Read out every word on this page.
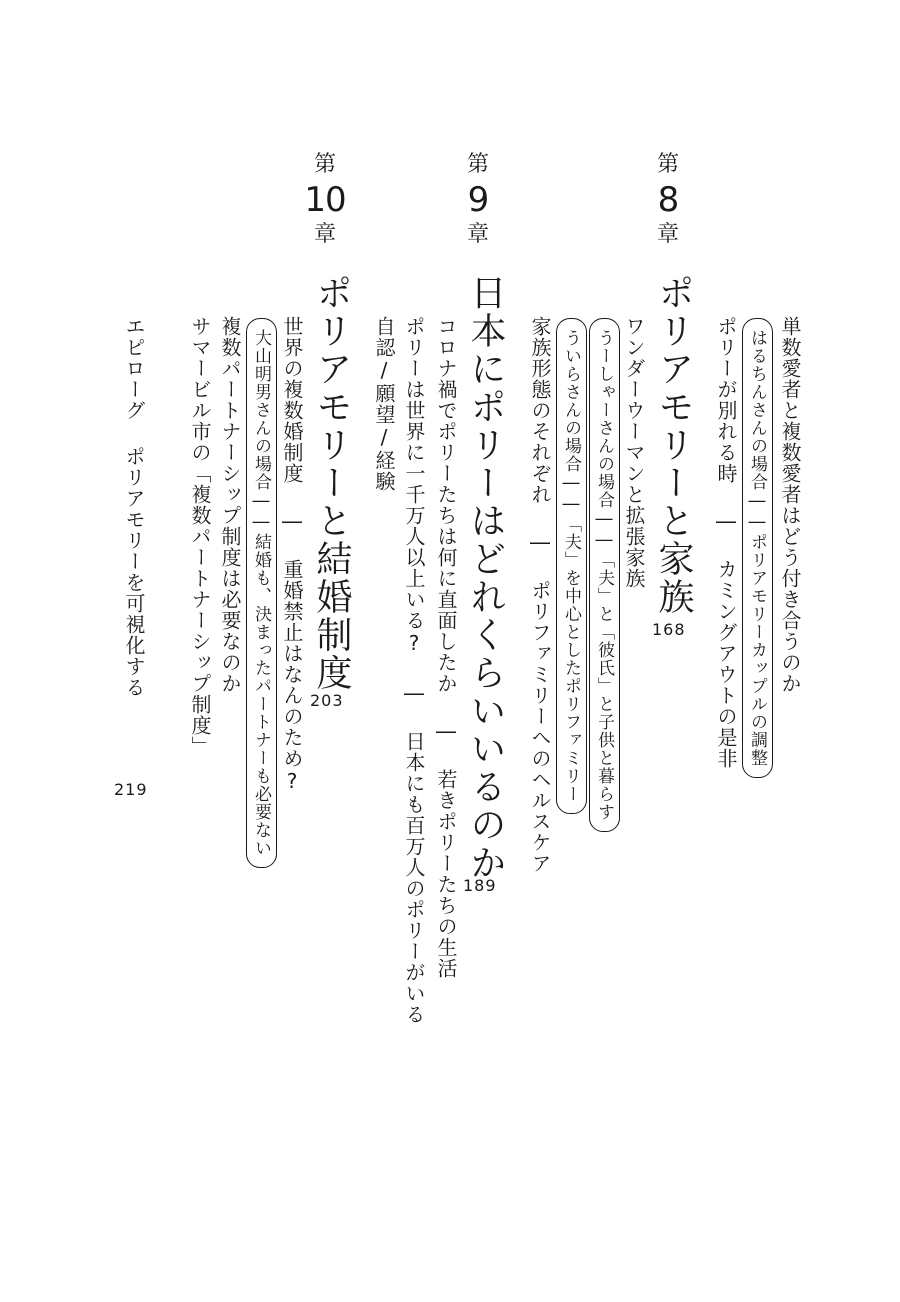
第
8
章
ポリアモリーと家族
168	単数愛者と複数愛者はどう付き合うのか
はるちんさんの場合――ポリアモリーカップルの調整
ポリーが別れる時 ― カミングアウトの是非
うーしゃーさんの場合――「夫」と「彼氏」と子供と暮らす ワンダーウーマンと拡張家族
ういらさんの場合――「夫」を中心としたポリファミリー
家族形態のそれぞれ ― ポリファミリーへのヘルスケア
第
9
章
日本にポリーはどれくらいいるのか
189
コロナ禍でポリーたちは何に直面したか ― 若きポリーたちの生活
ポリーは世界に一千万人以上いる? ― 日本にも百万人のポリーがいる
自認/願望/経験
第
10
章
ポリアモリーと結婚制度
203
世界の複数婚制度 ― 重婚禁止はなんのため?
大山明男さんの場合――結婚も、決まったパートナーも必要ない
複数パートナーシップ制度は必要なのか
サマービル市の「複数パートナーシップ制度」
エピローグ ポリアモリーを可視化する
219
